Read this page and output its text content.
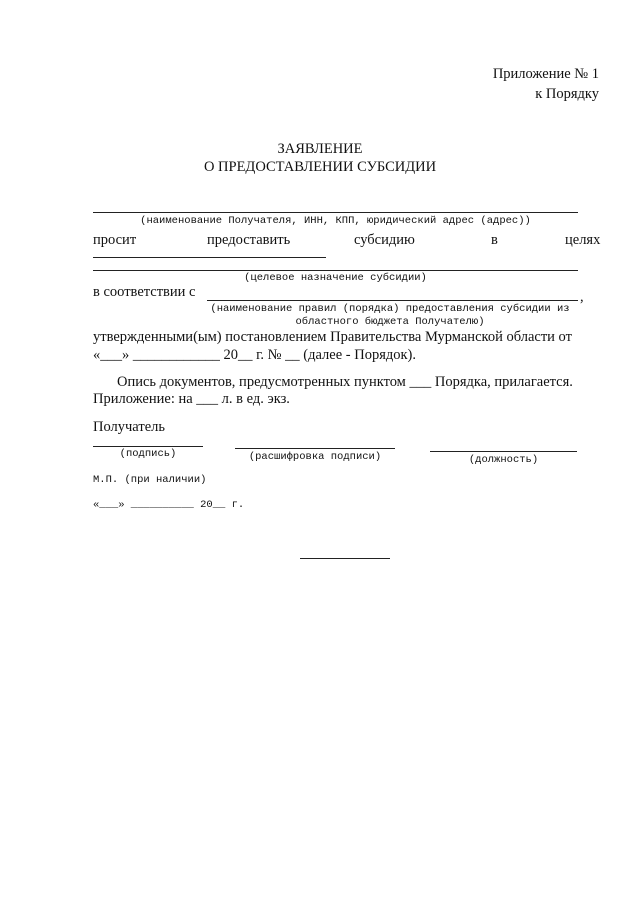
Приложение № 1
к Порядку
ЗАЯВЛЕНИЕ
О ПРЕДОСТАВЛЕНИИ СУБСИДИИ
(наименование Получателя, ИНН, КПП, юридический адрес (адрес))
просит	предоставить	субсидию	в	целях
(целевое назначение субсидии)
в соответствии с	,
(наименование правил (порядка) предоставления субсидии из
областного бюджета Получателю)
утвержденными(ым) постановлением Правительства Мурманской области от
«___» ____________ 20__ г. № __ (далее - Порядок).
Опись документов, предусмотренных пунктом ___ Порядка, прилагается.
Приложение: на ___ л. в ед. экз.
Получатель
(подпись)	(расшифровка подписи)	(должность)
М.П. (при наличии)
«___» __________ 20__ г.
